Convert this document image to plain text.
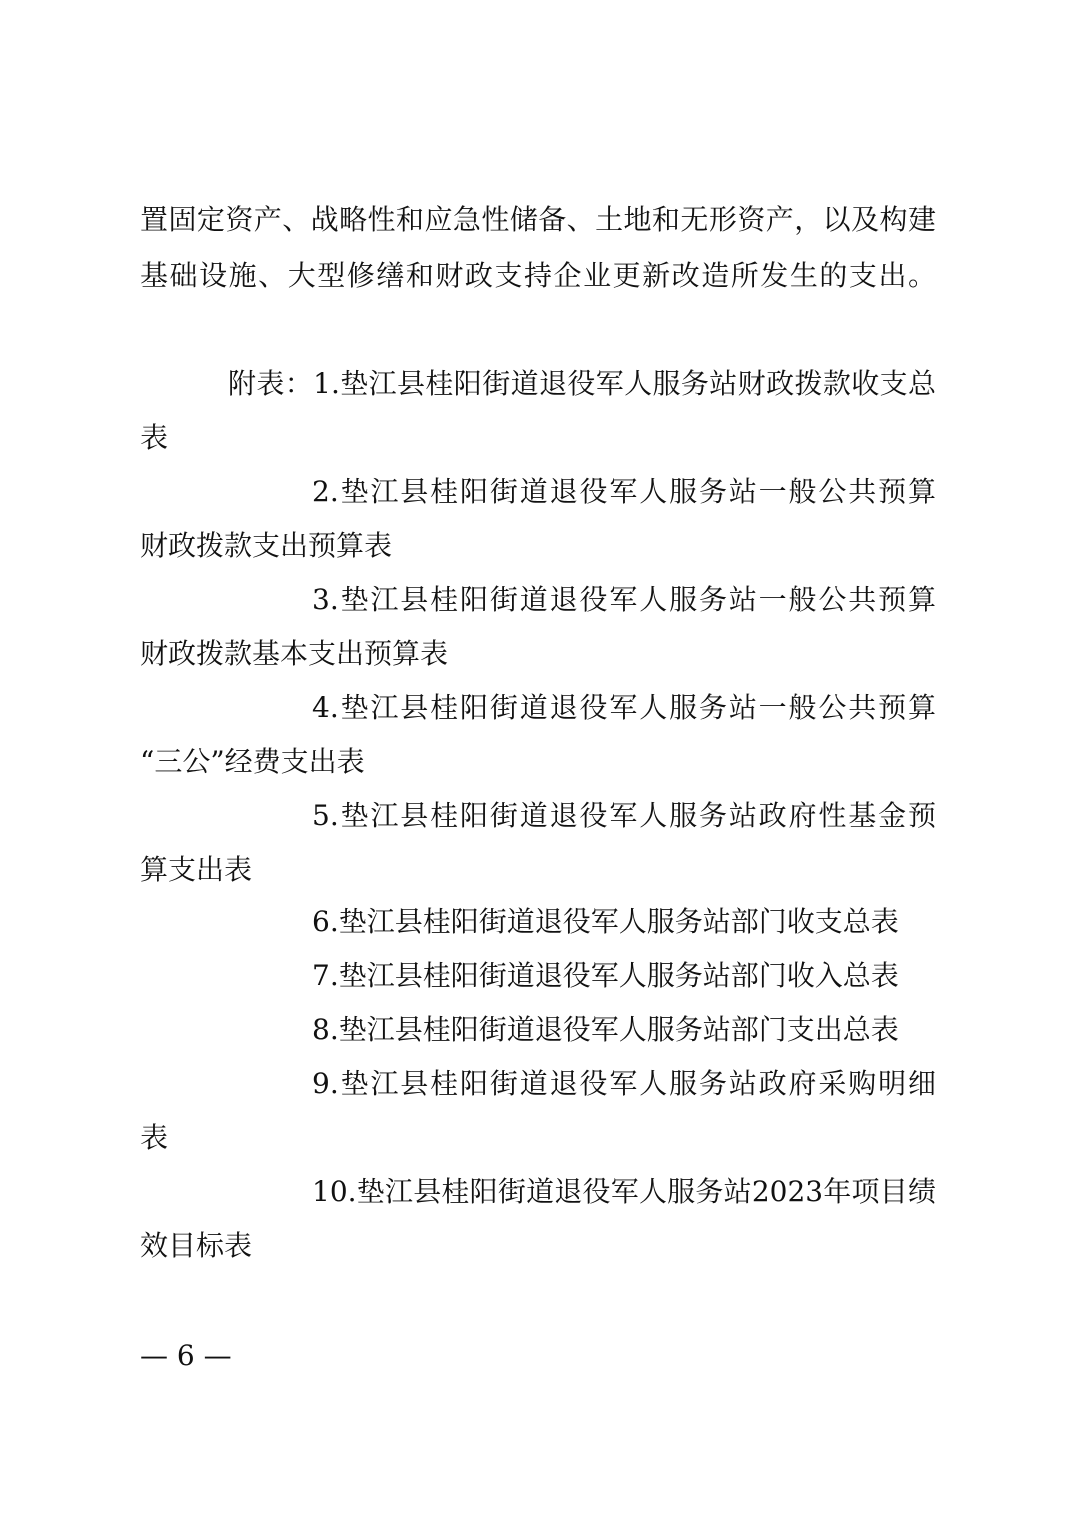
置固定资产、战略性和应急性储备、土地和无形资产，以及构建
基础设施、大型修缮和财政支持企业更新改造所发生的支出。
附表：1.垫江县桂阳街道退役军人服务站财政拨款收支总
表
2.垫江县桂阳街道退役军人服务站一般公共预算
财政拨款支出预算表
3.垫江县桂阳街道退役军人服务站一般公共预算
财政拨款基本支出预算表
4.垫江县桂阳街道退役军人服务站一般公共预算
“三公”经费支出表
5.垫江县桂阳街道退役军人服务站政府性基金预
算支出表
6.垫江县桂阳街道退役军人服务站部门收支总表
7.垫江县桂阳街道退役军人服务站部门收入总表
8.垫江县桂阳街道退役军人服务站部门支出总表
9.垫江县桂阳街道退役军人服务站政府采购明细
表
10.垫江县桂阳街道退役军人服务站2023年项目绩
效目标表
— 6 —
